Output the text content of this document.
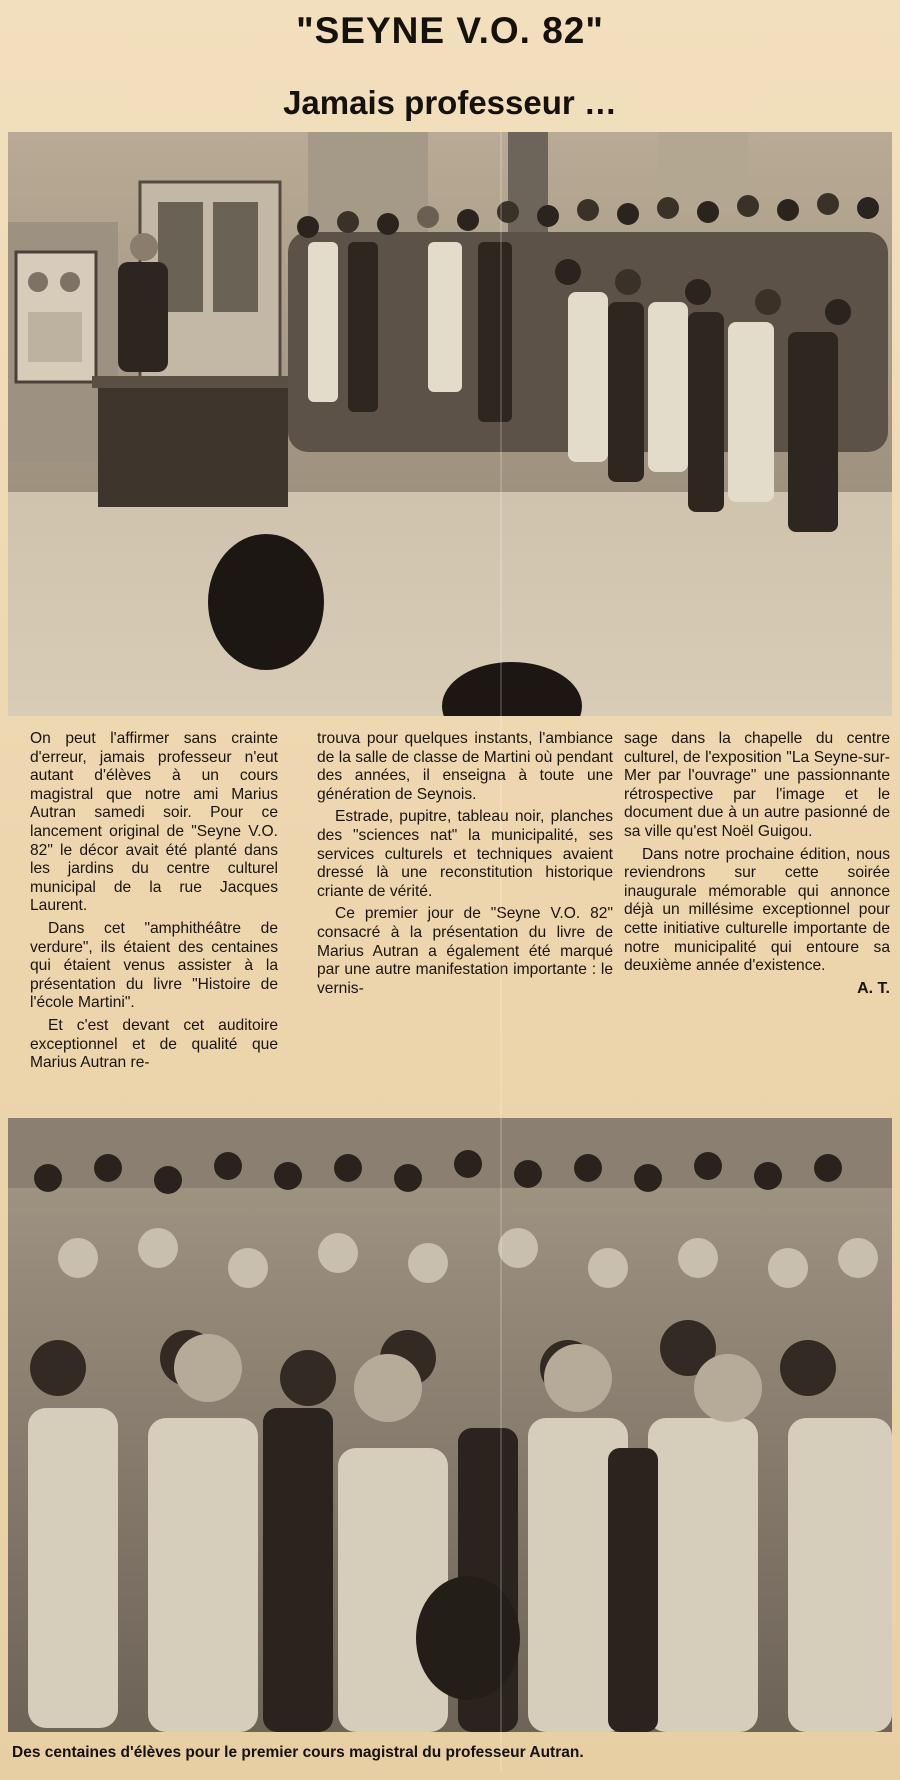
"SEYNE V.O. 82"
Jamais professeur …

On peut l'affirmer sans crainte d'erreur, jamais professeur n'eut autant d'élèves à un cours magistral que notre ami Marius Autran samedi soir. Pour ce lancement original de "Seyne V.O. 82" le décor avait été planté dans les jardins du centre culturel municipal de la rue Jacques Laurent.

Dans cet "amphithéâtre de verdure", ils étaient des centaines qui étaient venus assister à la présentation du livre "Histoire de l'école Martini".

Et c'est devant cet auditoire exceptionnel et de qualité que Marius Autran re-

trouva pour quelques instants, l'ambiance de la salle de classe de Martini où pendant des années, il enseigna à toute une génération de Seynois.

Estrade, pupitre, tableau noir, planches des "sciences nat" la municipalité, ses services culturels et techniques avaient dressé là une reconstitution historique criante de vérité.

Ce premier jour de "Seyne V.O. 82" consacré à la présentation du livre de Marius Autran a également été marqué par une autre manifestation importante : le vernis-

sage dans la chapelle du centre culturel, de l'exposition "La Seyne-sur-Mer par l'ouvrage" une passionnante rétrospective par l'image et le document due à un autre pasionné de sa ville qu'est Noël Guigou.

Dans notre prochaine édition, nous reviendrons sur cette soirée inaugurale mémorable qui annonce déjà un millésime exceptionnel pour cette initiative culturelle importante de notre municipalité qui entoure sa deuxième année d'existence.

A. T.

Des centaines d'élèves pour le premier cours magistral du professeur Autran.
